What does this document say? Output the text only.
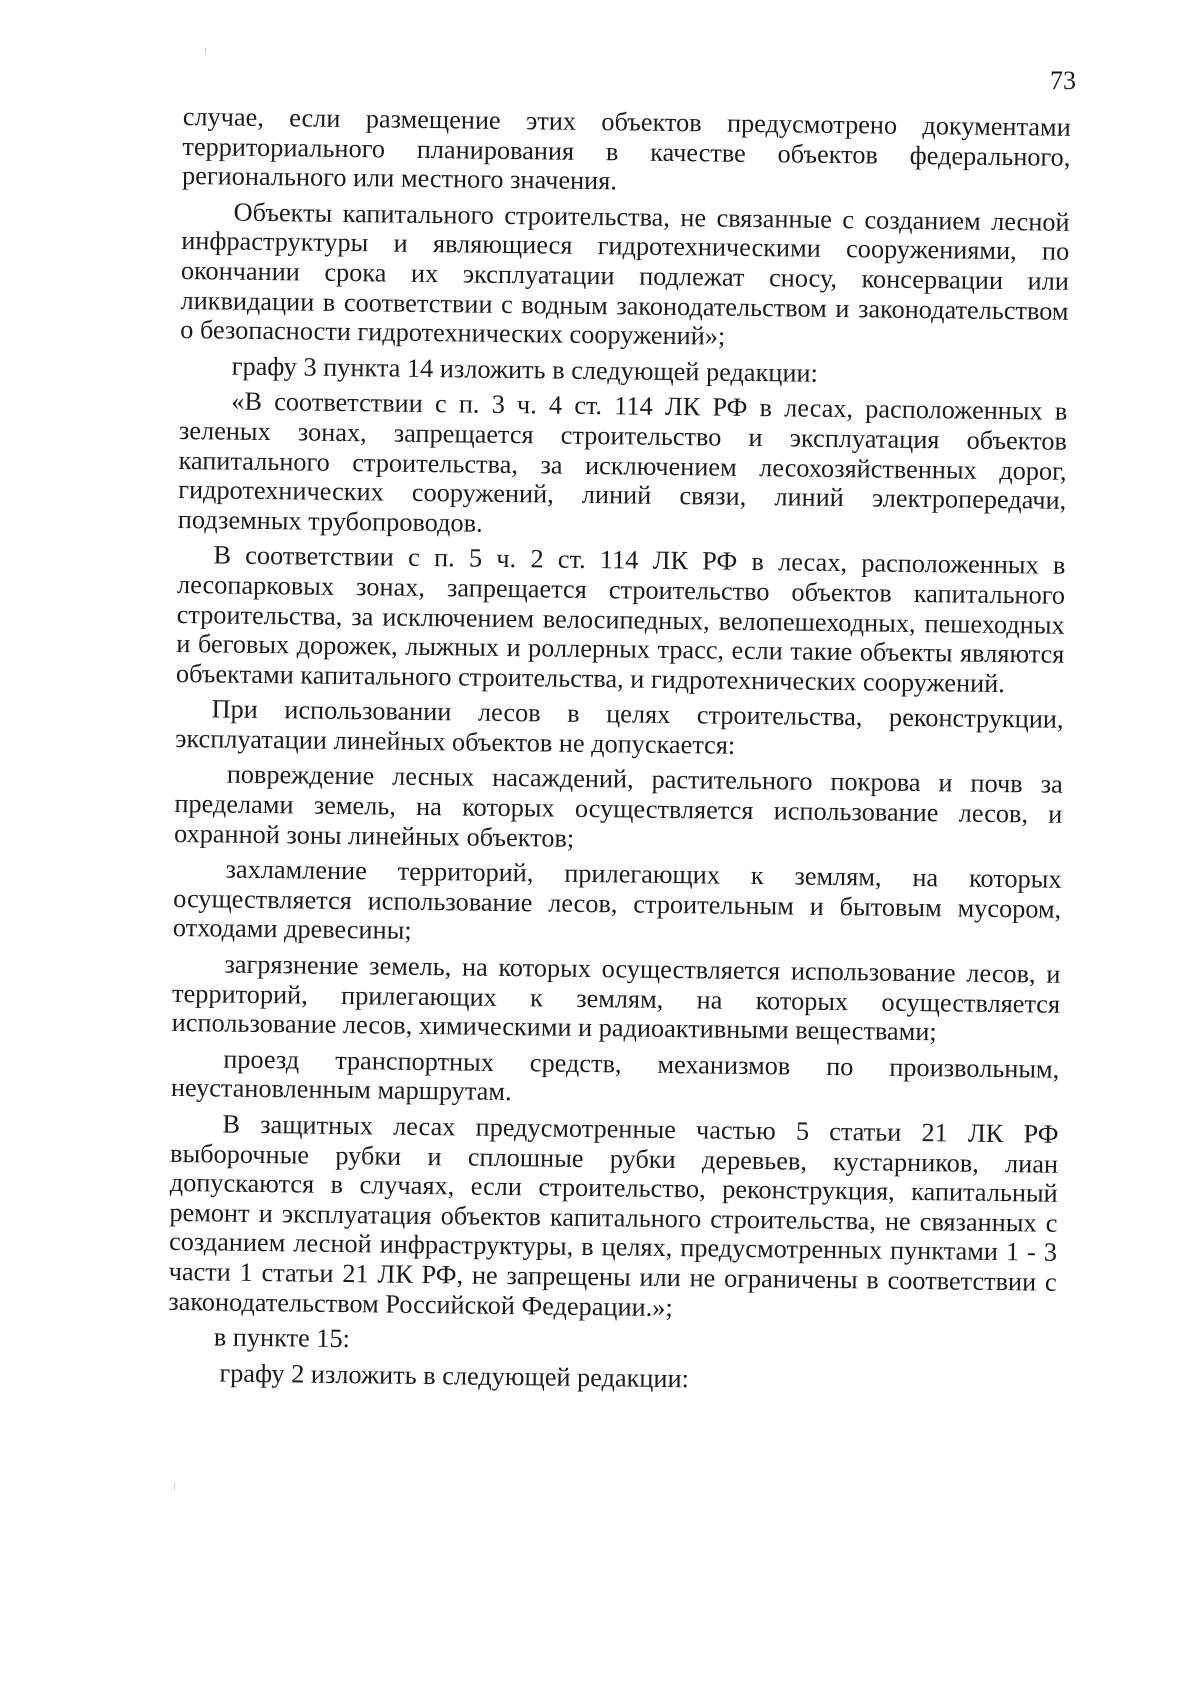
73

случае, если размещение этих объектов предусмотрено документами территориального планирования в качестве объектов федерального, регионального или местного значения.

Объекты капитального строительства, не связанные с созданием лесной инфраструктуры и являющиеся гидротехническими сооружениями, по окончании срока их эксплуатации подлежат сносу, консервации или ликвидации в соответствии с водным законодательством и законодательством о безопасности гидротехнических сооружений»;

графу 3 пункта 14 изложить в следующей редакции:

«В соответствии с п. 3 ч. 4 ст. 114 ЛК РФ в лесах, расположенных в зеленых зонах, запрещается строительство и эксплуатация объектов капитального строительства, за исключением лесохозяйственных дорог, гидротехнических сооружений, линий связи, линий электропередачи, подземных трубопроводов.

В соответствии с п. 5 ч. 2 ст. 114 ЛК РФ в лесах, расположенных в лесопарковых зонах, запрещается строительство объектов капитального строительства, за исключением велосипедных, велопешеходных, пешеходных и беговых дорожек, лыжных и роллерных трасс, если такие объекты являются объектами капитального строительства, и гидротехнических сооружений.

При использовании лесов в целях строительства, реконструкции, эксплуатации линейных объектов не допускается:

повреждение лесных насаждений, растительного покрова и почв за пределами земель, на которых осуществляется использование лесов, и охранной зоны линейных объектов;

захламление территорий, прилегающих к землям, на которых осуществляется использование лесов, строительным и бытовым мусором, отходами древесины;

загрязнение земель, на которых осуществляется использование лесов, и территорий, прилегающих к землям, на которых осуществляется использование лесов, химическими и радиоактивными веществами;

проезд транспортных средств, механизмов по произвольным, неустановленным маршрутам.

В защитных лесах предусмотренные частью 5 статьи 21 ЛК РФ выборочные рубки и сплошные рубки деревьев, кустарников, лиан допускаются в случаях, если строительство, реконструкция, капитальный ремонт и эксплуатация объектов капитального строительства, не связанных с созданием лесной инфраструктуры, в целях, предусмотренных пунктами 1 - 3 части 1 статьи 21 ЛК РФ, не запрещены или не ограничены в соответствии с законодательством Российской Федерации.»;

в пункте 15:

графу 2 изложить в следующей редакции:
